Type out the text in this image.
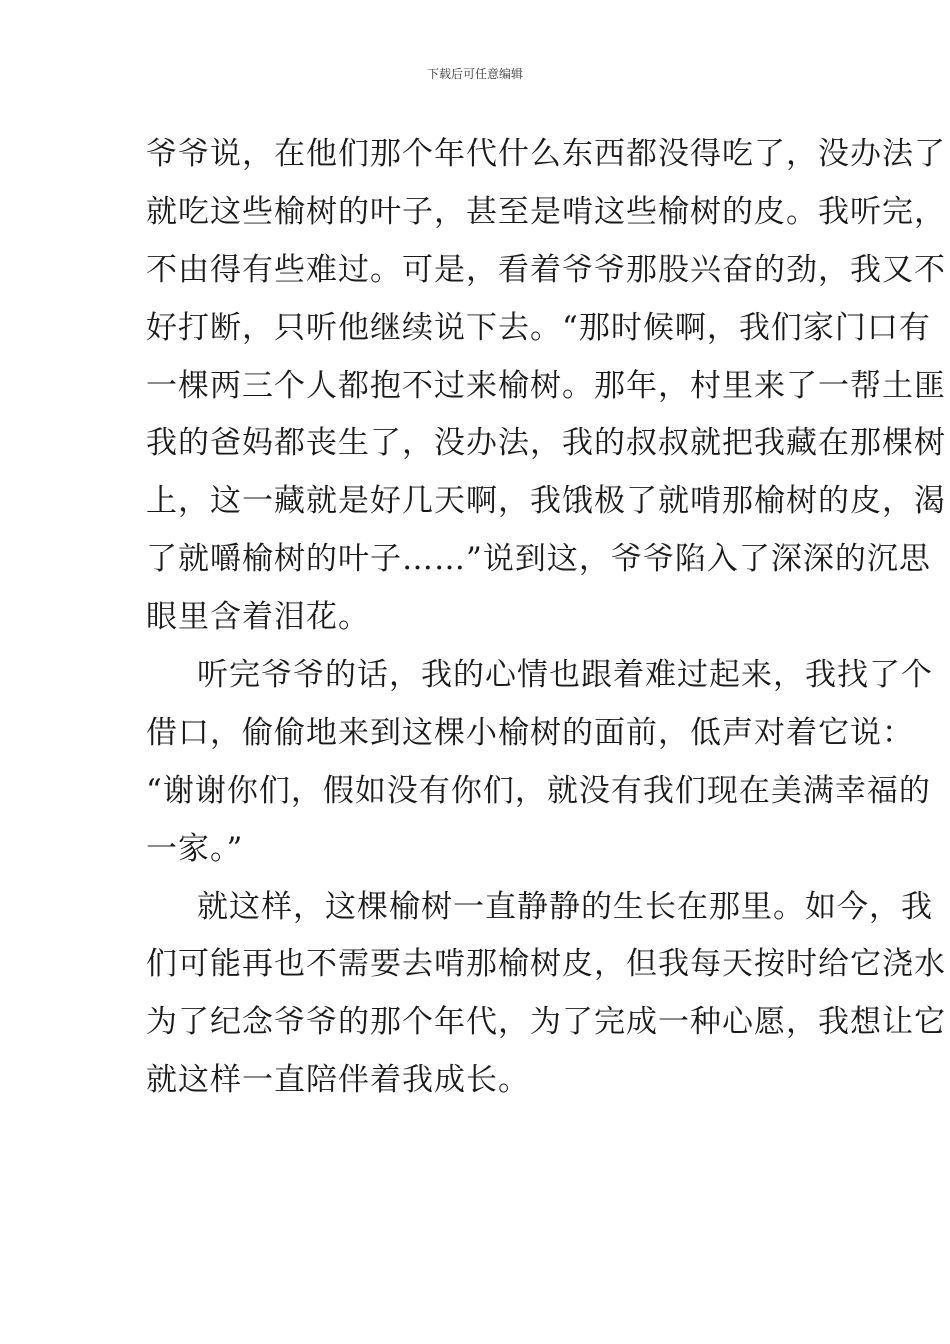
下载后可任意编辑
爷爷说，在他们那个年代什么东西都没得吃了，没办法了
就吃这些榆树的叶子，甚至是啃这些榆树的皮。我听完，
不由得有些难过。可是，看着爷爷那股兴奋的劲，我又不
好打断，只听他继续说下去。“那时候啊，我们家门口有
一棵两三个人都抱不过来榆树。那年，村里来了一帮土匪
我的爸妈都丧生了，没办法，我的叔叔就把我藏在那棵树
上，这一藏就是好几天啊，我饿极了就啃那榆树的皮，渴
了就嚼榆树的叶子……”说到这，爷爷陷入了深深的沉思
眼里含着泪花。
听完爷爷的话，我的心情也跟着难过起来，我找了个
借口，偷偷地来到这棵小榆树的面前，低声对着它说：
“谢谢你们，假如没有你们，就没有我们现在美满幸福的
一家。”
就这样，这棵榆树一直静静的生长在那里。如今，我
们可能再也不需要去啃那榆树皮，但我每天按时给它浇水
为了纪念爷爷的那个年代，为了完成一种心愿，我想让它
就这样一直陪伴着我成长。
